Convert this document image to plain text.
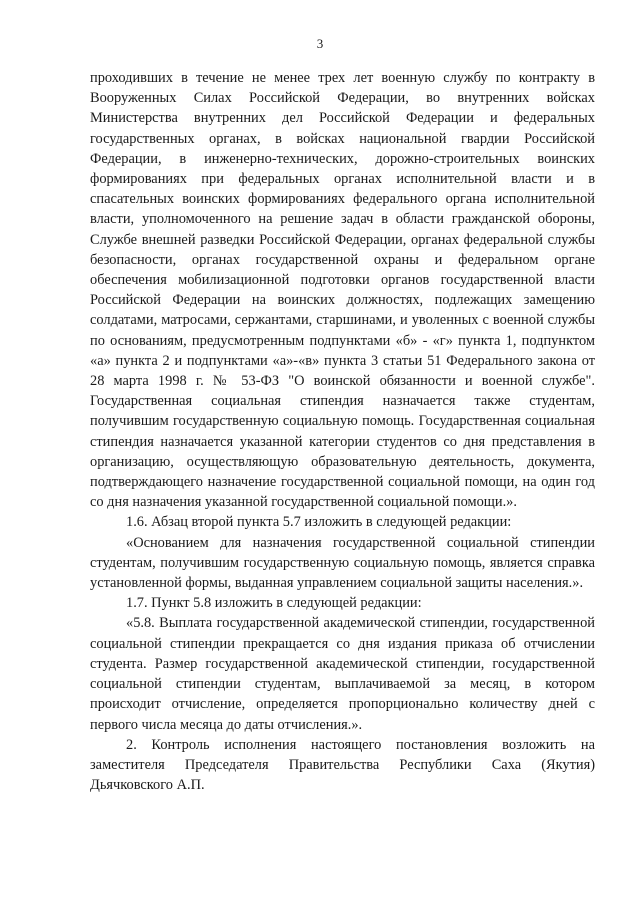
3

проходивших в течение не менее трех лет военную службу по контракту в Вооруженных Силах Российской Федерации, во внутренних войсках Министерства внутренних дел Российской Федерации и федеральных государственных органах, в войсках национальной гвардии Российской Федерации, в инженерно-технических, дорожно-строительных воинских формированиях при федеральных органах исполнительной власти и в спасательных воинских формированиях федерального органа исполнительной власти, уполномоченного на решение задач в области гражданской обороны, Службе внешней разведки Российской Федерации, органах федеральной службы безопасности, органах государственной охраны и федеральном органе обеспечения мобилизационной подготовки органов государственной власти Российской Федерации на воинских должностях, подлежащих замещению солдатами, матросами, сержантами, старшинами, и уволенных с военной службы по основаниям, предусмотренным подпунктами «б» - «г» пункта 1, подпунктом «а» пункта 2 и подпунктами «а»-«в» пункта 3 статьи 51 Федерального закона от 28 марта 1998 г. № 53-ФЗ "О воинской обязанности и военной службе". Государственная социальная стипендия назначается также студентам, получившим государственную социальную помощь. Государственная социальная стипендия назначается указанной категории студентов со дня представления в организацию, осуществляющую образовательную деятельность, документа, подтверждающего назначение государственной социальной помощи, на один год со дня назначения указанной государственной социальной помощи.».

1.6. Абзац второй пункта 5.7 изложить в следующей редакции:

«Основанием для назначения государственной социальной стипендии студентам, получившим государственную социальную помощь, является справка установленной формы, выданная управлением социальной защиты населения.».

1.7. Пункт 5.8 изложить в следующей редакции:

«5.8. Выплата государственной академической стипендии, государственной социальной стипендии прекращается со дня издания приказа об отчислении студента. Размер государственной академической стипендии, государственной социальной стипендии студентам, выплачиваемой за месяц, в котором происходит отчисление, определяется пропорционально количеству дней с первого числа месяца до даты отчисления.».

2. Контроль исполнения настоящего постановления возложить на заместителя Председателя Правительства Республики Саха (Якутия) Дьячковского А.П.
